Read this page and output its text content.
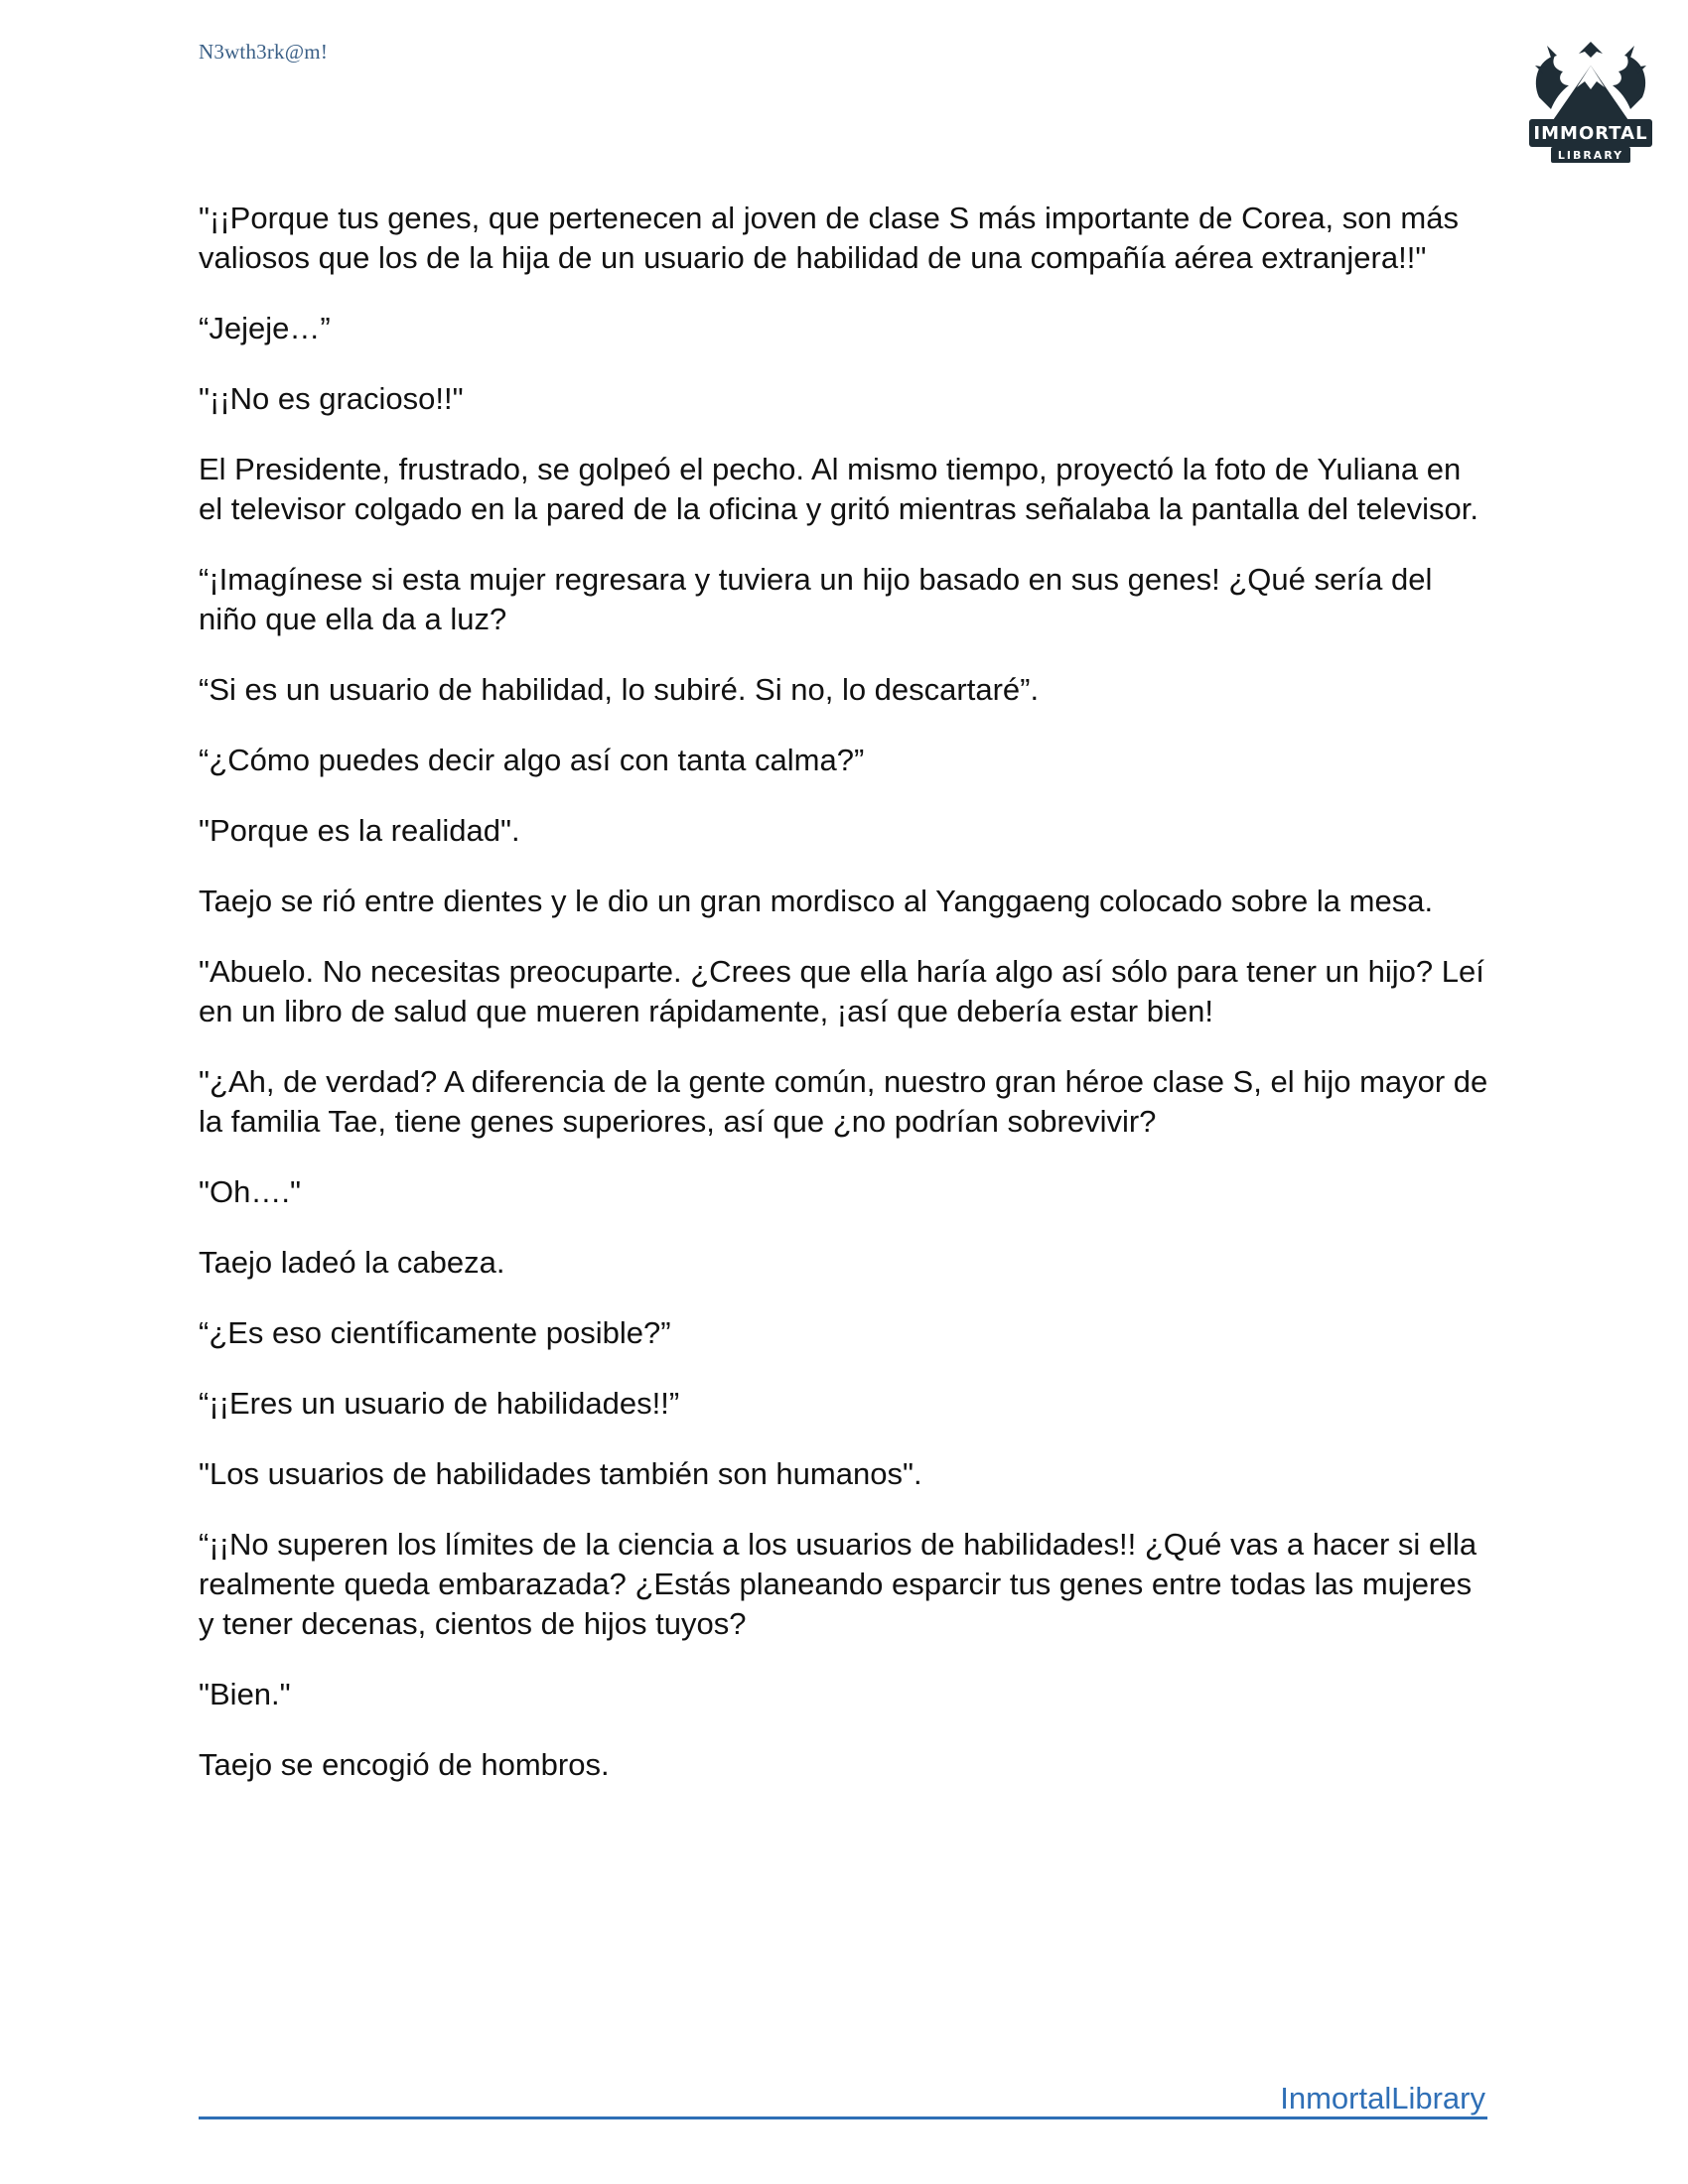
N3wth3rk@m!
IMMORTAL
LIBRARY

"¡¡Porque tus genes, que pertenecen al joven de clase S más importante de Corea, son más valiosos que los de la hija de un usuario de habilidad de una compañía aérea extranjera!!"

“Jejeje…”

"¡¡No es gracioso!!"

El Presidente, frustrado, se golpeó el pecho. Al mismo tiempo, proyectó la foto de Yuliana en el televisor colgado en la pared de la oficina y gritó mientras señalaba la pantalla del televisor.

“¡Imagínese si esta mujer regresara y tuviera un hijo basado en sus genes! ¿Qué sería del niño que ella da a luz?

“Si es un usuario de habilidad, lo subiré. Si no, lo descartaré”.

“¿Cómo puedes decir algo así con tanta calma?”

"Porque es la realidad".

Taejo se rió entre dientes y le dio un gran mordisco al Yanggaeng colocado sobre la mesa.

"Abuelo. No necesitas preocuparte. ¿Crees que ella haría algo así sólo para tener un hijo? Leí en un libro de salud que mueren rápidamente, ¡así que debería estar bien!

"¿Ah, de verdad? A diferencia de la gente común, nuestro gran héroe clase S, el hijo mayor de la familia Tae, tiene genes superiores, así que ¿no podrían sobrevivir?

"Oh…."

Taejo ladeó la cabeza.

“¿Es eso científicamente posible?”

“¡¡Eres un usuario de habilidades!!”

"Los usuarios de habilidades también son humanos".

“¡¡No superen los límites de la ciencia a los usuarios de habilidades!! ¿Qué vas a hacer si ella realmente queda embarazada? ¿Estás planeando esparcir tus genes entre todas las mujeres y tener decenas, cientos de hijos tuyos?

"Bien."

Taejo se encogió de hombros.

InmortalLibrary
